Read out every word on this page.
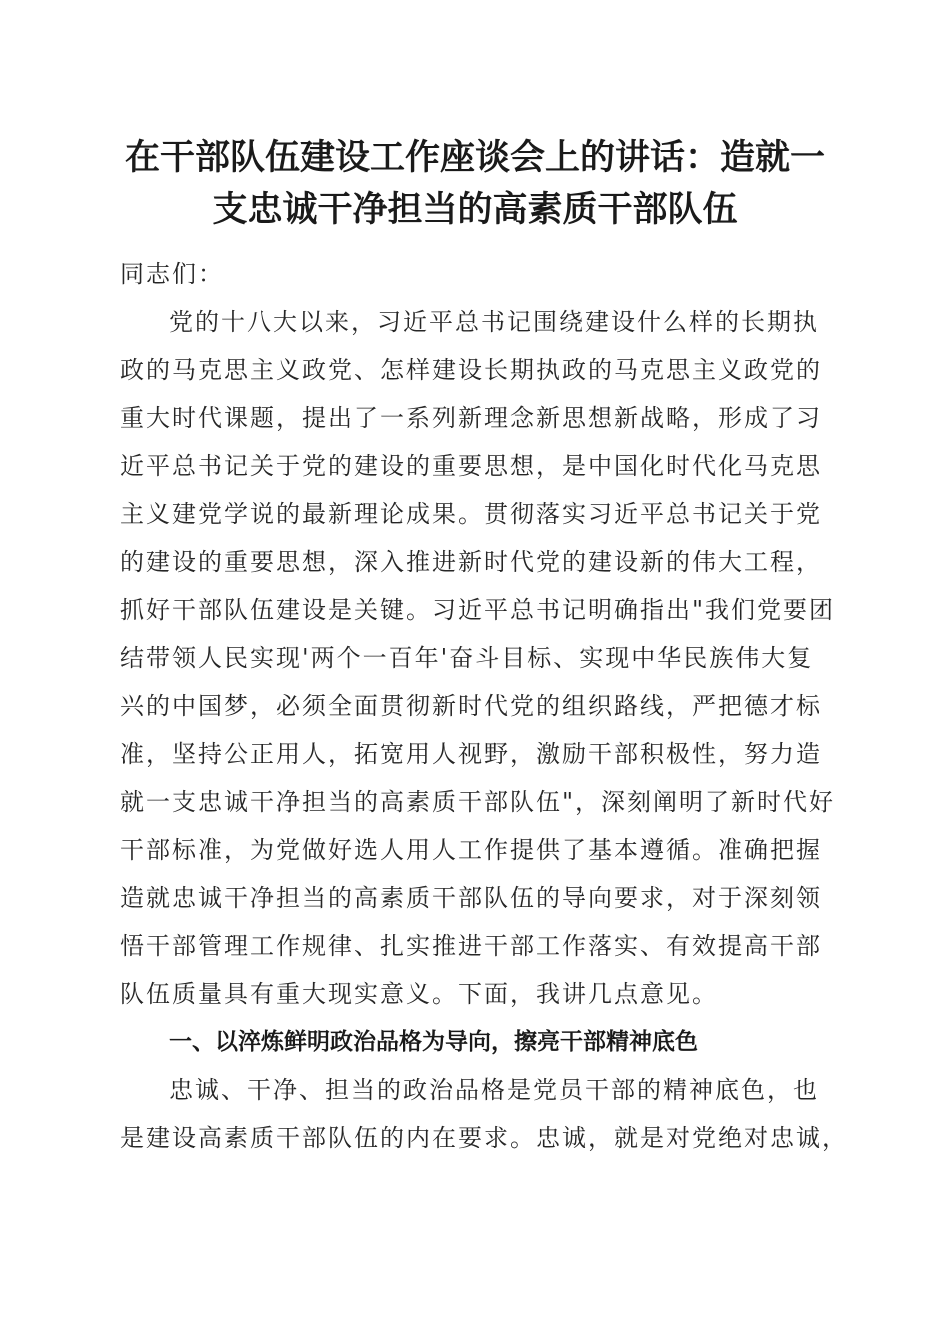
在干部队伍建设工作座谈会上的讲话：造就一
支忠诚干净担当的高素质干部队伍
同志们：
党的十八大以来，习近平总书记围绕建设什么样的长期执
政的马克思主义政党、怎样建设长期执政的马克思主义政党的
重大时代课题，提出了一系列新理念新思想新战略，形成了习
近平总书记关于党的建设的重要思想，是中国化时代化马克思
主义建党学说的最新理论成果。贯彻落实习近平总书记关于党
的建设的重要思想，深入推进新时代党的建设新的伟大工程，
抓好干部队伍建设是关键。习近平总书记明确指出"我们党要团
结带领人民实现'两个一百年'奋斗目标、实现中华民族伟大复
兴的中国梦，必须全面贯彻新时代党的组织路线，严把德才标
准，坚持公正用人，拓宽用人视野，激励干部积极性，努力造
就一支忠诚干净担当的高素质干部队伍"，深刻阐明了新时代好
干部标准，为党做好选人用人工作提供了基本遵循。准确把握
造就忠诚干净担当的高素质干部队伍的导向要求，对于深刻领
悟干部管理工作规律、扎实推进干部工作落实、有效提高干部
队伍质量具有重大现实意义。下面，我讲几点意见。
一、以淬炼鲜明政治品格为导向，擦亮干部精神底色
忠诚、干净、担当的政治品格是党员干部的精神底色，也
是建设高素质干部队伍的内在要求。忠诚，就是对党绝对忠诚，
